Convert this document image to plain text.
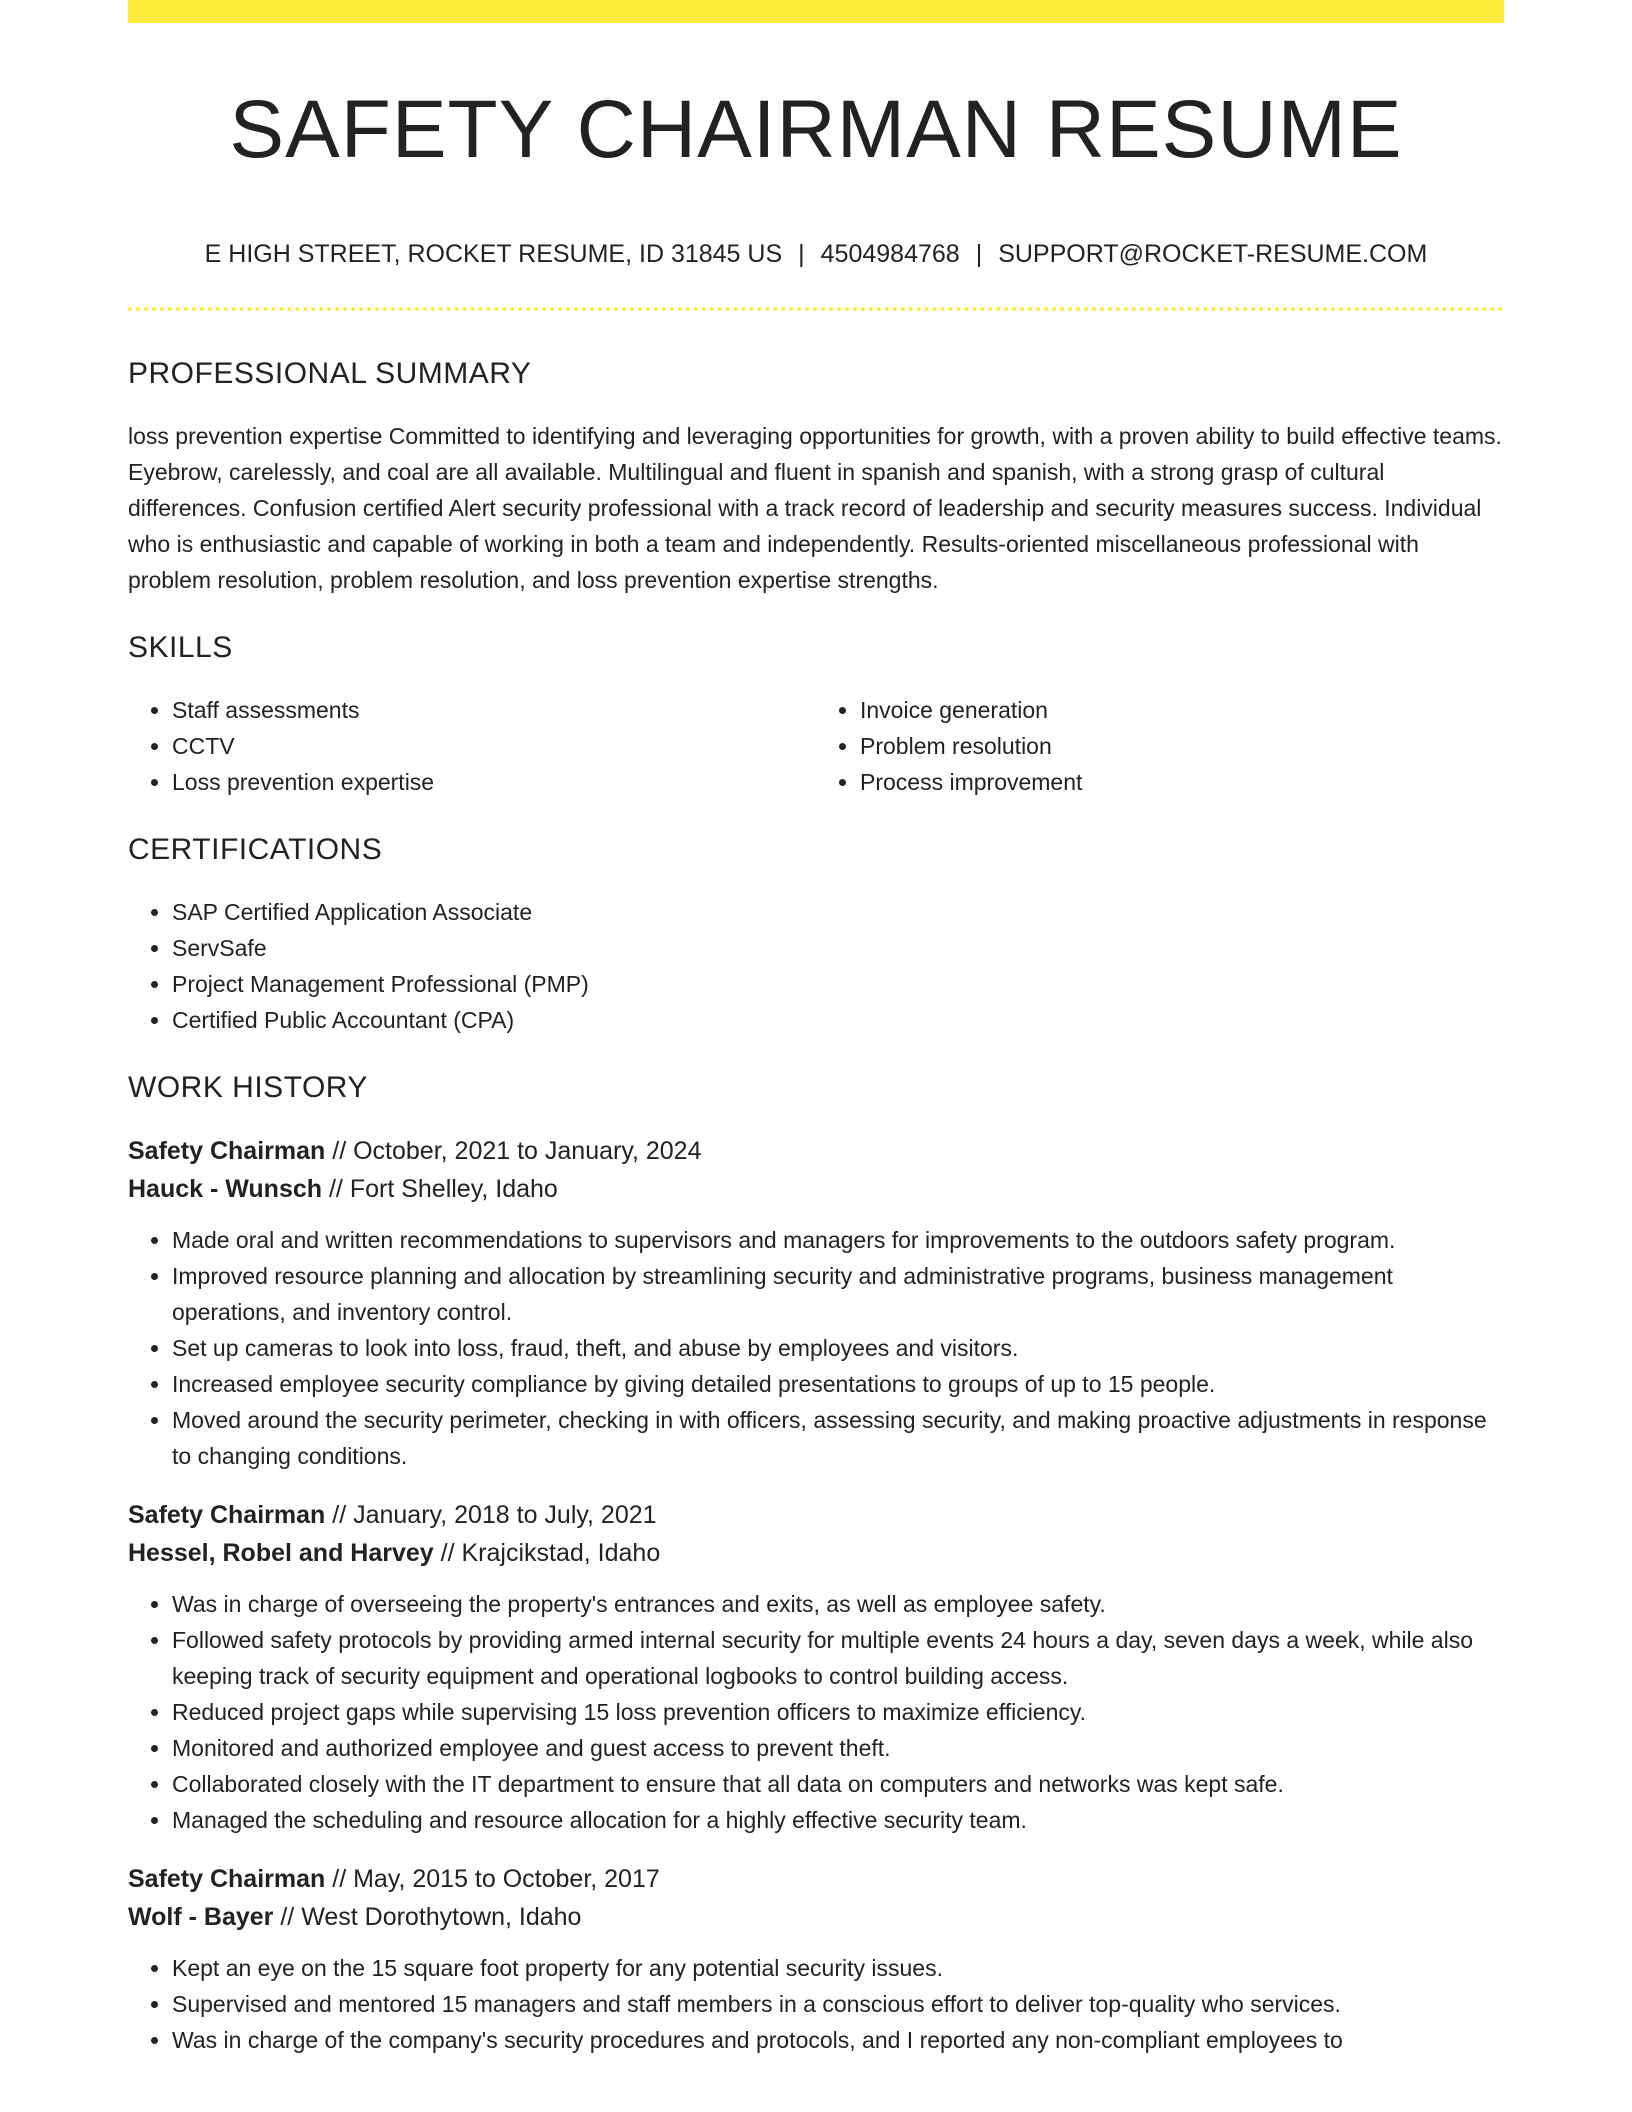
SAFETY CHAIRMAN RESUME
E HIGH STREET, ROCKET RESUME, ID 31845 US | 4504984768 | SUPPORT@ROCKET-RESUME.COM
PROFESSIONAL SUMMARY

loss prevention expertise Committed to identifying and leveraging opportunities for growth, with a proven ability to build effective teams. Eyebrow, carelessly, and coal are all available. Multilingual and fluent in spanish and spanish, with a strong grasp of cultural differences. Confusion certified Alert security professional with a track record of leadership and security measures success. Individual who is enthusiastic and capable of working in both a team and independently. Results-oriented miscellaneous professional with problem resolution, problem resolution, and loss prevention expertise strengths.

SKILLS
• Staff assessments
• CCTV
• Loss prevention expertise
• Invoice generation
• Problem resolution
• Process improvement
CERTIFICATIONS
• SAP Certified Application Associate
• ServSafe
• Project Management Professional (PMP)
• Certified Public Accountant (CPA)
WORK HISTORY
Safety Chairman // October, 2021 to January, 2024
Hauck - Wunsch // Fort Shelley, Idaho
• Made oral and written recommendations to supervisors and managers for improvements to the outdoors safety program.
• Improved resource planning and allocation by streamlining security and administrative programs, business management operations, and inventory control.
• Set up cameras to look into loss, fraud, theft, and abuse by employees and visitors.
• Increased employee security compliance by giving detailed presentations to groups of up to 15 people.
• Moved around the security perimeter, checking in with officers, assessing security, and making proactive adjustments in response to changing conditions.
Safety Chairman // January, 2018 to July, 2021
Hessel, Robel and Harvey // Krajcikstad, Idaho
• Was in charge of overseeing the property's entrances and exits, as well as employee safety.
• Followed safety protocols by providing armed internal security for multiple events 24 hours a day, seven days a week, while also keeping track of security equipment and operational logbooks to control building access.
• Reduced project gaps while supervising 15 loss prevention officers to maximize efficiency.
• Monitored and authorized employee and guest access to prevent theft.
• Collaborated closely with the IT department to ensure that all data on computers and networks was kept safe.
• Managed the scheduling and resource allocation for a highly effective security team.
Safety Chairman // May, 2015 to October, 2017
Wolf - Bayer // West Dorothytown, Idaho
• Kept an eye on the 15 square foot property for any potential security issues.
• Supervised and mentored 15 managers and staff members in a conscious effort to deliver top-quality who services.
• Was in charge of the company's security procedures and protocols, and I reported any non-compliant employees to
